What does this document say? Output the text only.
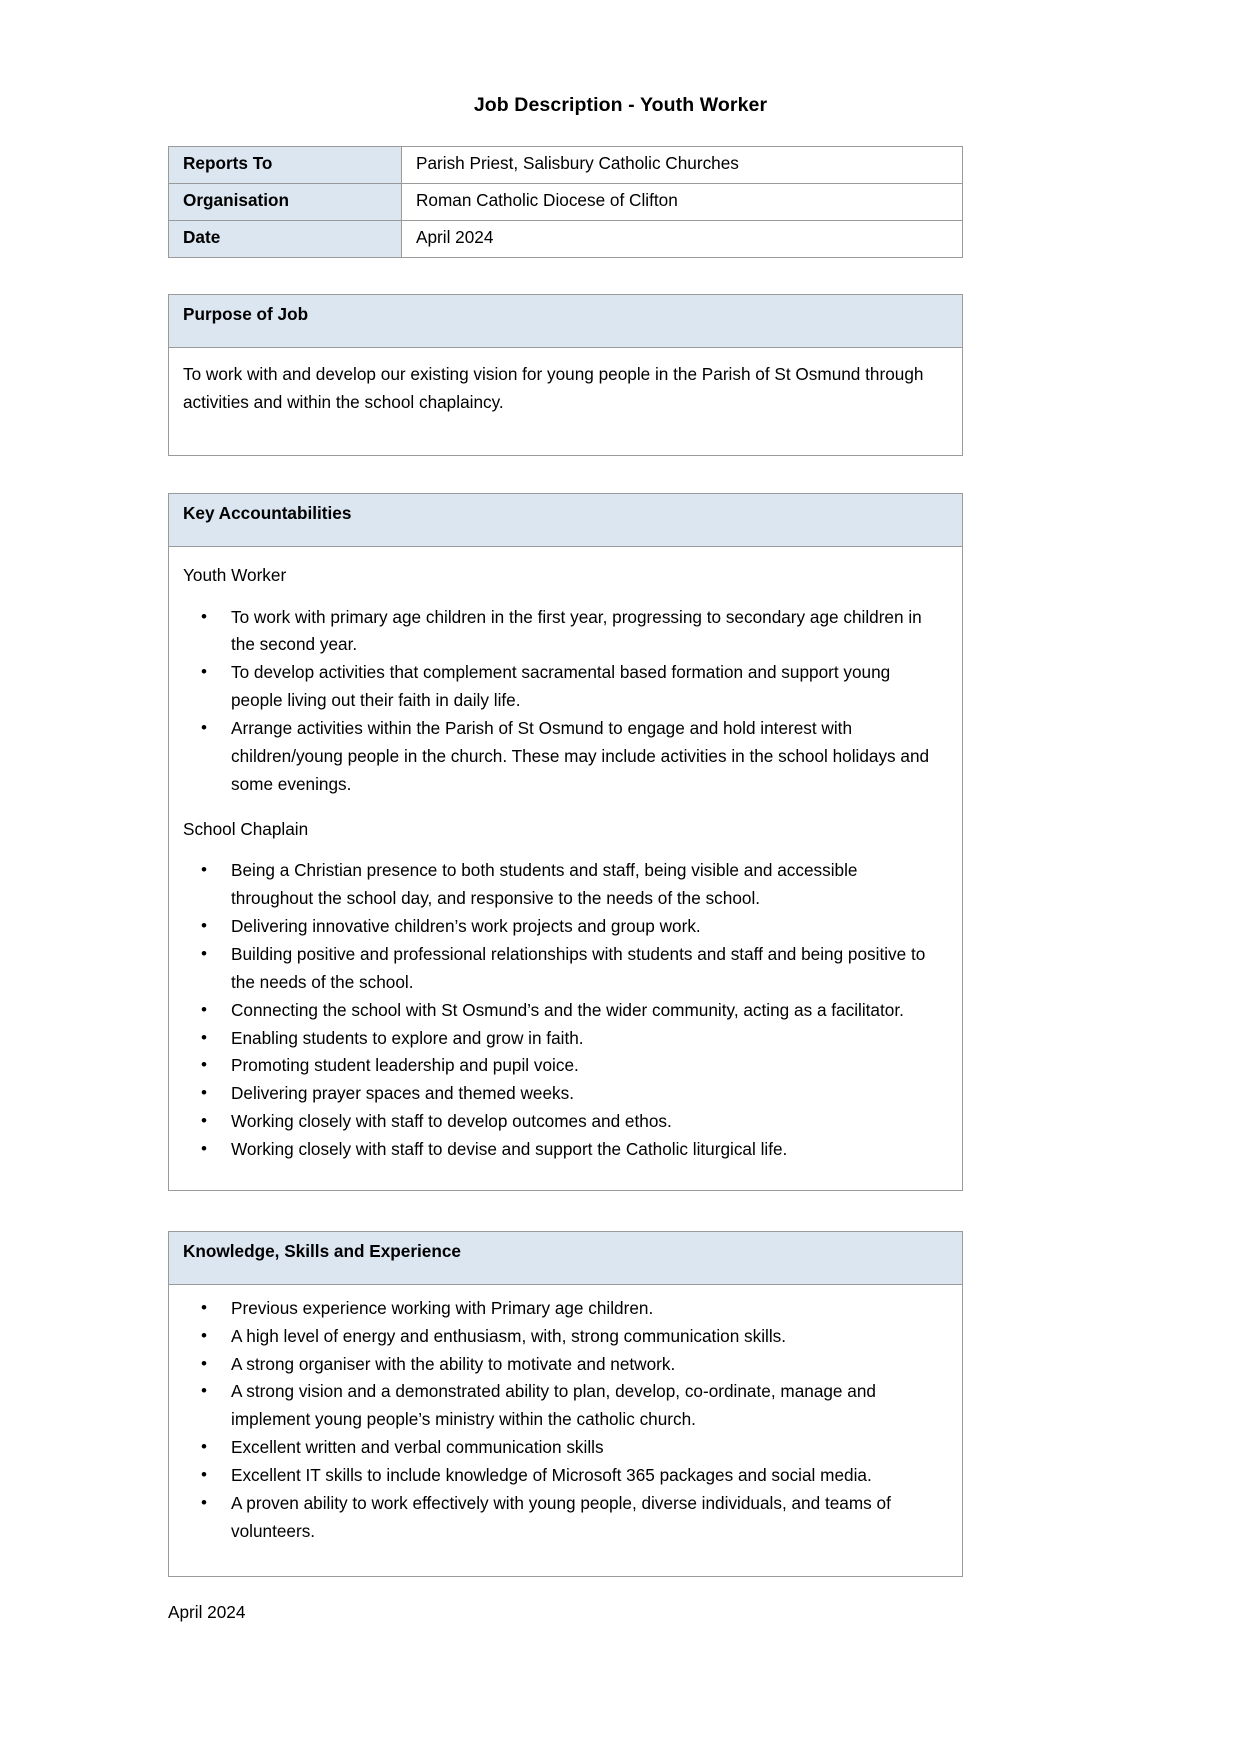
Job Description - Youth Worker
Reports To	Parish Priest, Salisbury Catholic Churches
Organisation	Roman Catholic Diocese of Clifton
Date	April 2024
Purpose of Job

To work with and develop our existing vision for young people in the Parish of St Osmund through activities and within the school chaplaincy.

Key Accountabilities

Youth Worker

• To work with primary age children in the first year, progressing to secondary age children in the second year.
• To develop activities that complement sacramental based formation and support young people living out their faith in daily life.
• Arrange activities within the Parish of St Osmund to engage and hold interest with children/young people in the church. These may include activities in the school holidays and some evenings.

School Chaplain

• Being a Christian presence to both students and staff, being visible and accessible throughout the school day, and responsive to the needs of the school.
• Delivering innovative children’s work projects and group work.
• Building positive and professional relationships with students and staff and being positive to the needs of the school.
• Connecting the school with St Osmund’s and the wider community, acting as a facilitator.
• Enabling students to explore and grow in faith.
• Promoting student leadership and pupil voice.
• Delivering prayer spaces and themed weeks.
• Working closely with staff to develop outcomes and ethos.
• Working closely with staff to devise and support the Catholic liturgical life.
Knowledge, Skills and Experience
• Previous experience working with Primary age children.
• A high level of energy and enthusiasm, with, strong communication skills.
• A strong organiser with the ability to motivate and network.
• A strong vision and a demonstrated ability to plan, develop, co-ordinate, manage and implement young people’s ministry within the catholic church.
• Excellent written and verbal communication skills
• Excellent IT skills to include knowledge of Microsoft 365 packages and social media.
• A proven ability to work effectively with young people, diverse individuals, and teams of volunteers.
April 2024
